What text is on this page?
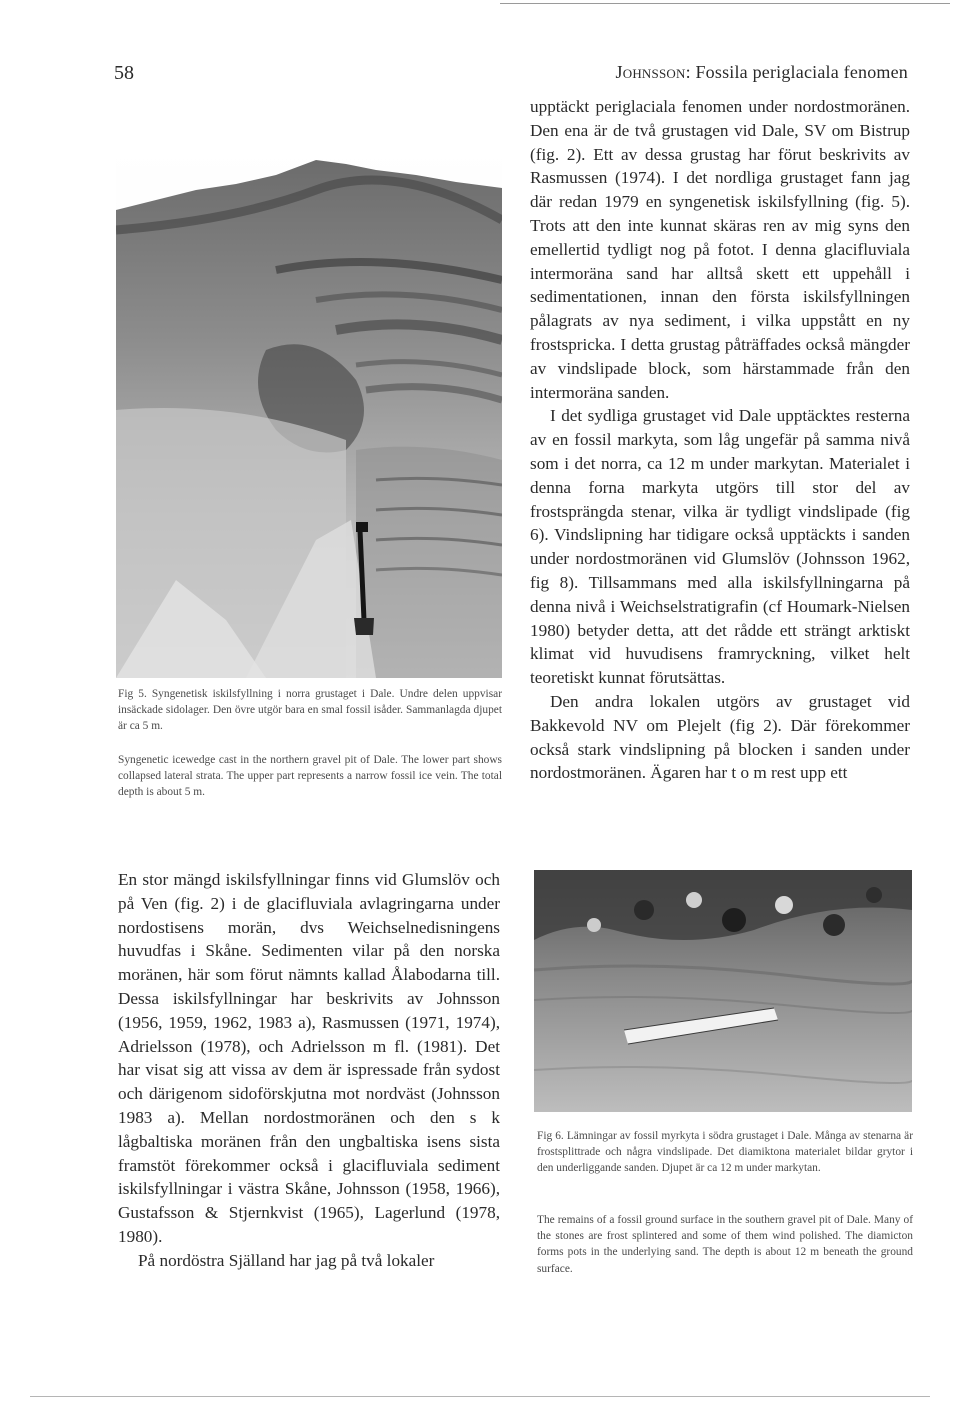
58	Johnsson: Fossila periglaciala fenomen

Fig 5. Syngenetisk iskilsfyllning i norra grustaget i Dale. Undre delen uppvisar insäckade sidolager. Den övre utgör bara en smal fossil isåder. Sammanlagda djupet är ca 5 m.

Syngenetic icewedge cast in the northern gravel pit of Dale. The lower part shows collapsed lateral strata. The upper part represents a narrow fossil ice vein. The total depth is about 5 m.

upptäckt periglaciala fenomen under nordostmoränen. Den ena är de två grustagen vid Dale, SV om Bistrup (fig. 2). Ett av dessa grustag har förut beskrivits av Rasmussen (1974). I det nordliga grustaget fann jag där redan 1979 en syngenetisk iskilsfyllning (fig. 5). Trots att den inte kunnat skäras ren av mig syns den emellertid tydligt nog på fotot. I denna glacifluviala intermoräna sand har alltså skett ett uppehåll i sedimentationen, innan den första iskilsfyllningen pålagrats av nya sediment, i vilka uppstått en ny frostspricka. I detta grustag påträffades också mängder av vindslipade block, som härstammade från den intermoräna sanden.

I det sydliga grustaget vid Dale upptäcktes resterna av en fossil markyta, som låg ungefär på samma nivå som i det norra, ca 12 m under markytan. Materialet i denna forna markyta utgörs till stor del av frostsprängda stenar, vilka är tydligt vindslipade (fig 6). Vindslipning har tidigare också upptäckts i sanden under nordostmoränen vid Glumslöv (Johnsson 1962, fig 8). Tillsammans med alla iskilsfyllningarna på denna nivå i Weichselstratigrafin (cf Houmark-Nielsen 1980) betyder detta, att det rådde ett strängt arktiskt klimat vid huvudisens framryckning, vilket helt teoretiskt kunnat förutsättas.

Den andra lokalen utgörs av grustaget vid Bakkevold NV om Plejelt (fig 2). Där förekommer också stark vindslipning på blocken i sanden under nordostmoränen. Ägaren har t o m rest upp ett

En stor mängd iskilsfyllningar finns vid Glumslöv och på Ven (fig. 2) i de glacifluviala avlagringarna under nordostisens morän, dvs Weichselnedisningens huvudfas i Skåne. Sedimenten vilar på den norska moränen, här som förut nämnts kallad Ålabodarna till. Dessa iskilsfyllningar har beskrivits av Johnsson (1956, 1959, 1962, 1983 a), Rasmussen (1971, 1974), Adrielsson (1978), och Adrielsson m fl. (1981). Det har visat sig att vissa av dem är ispressade från sydost och därigenom sidoförskjutna mot nordväst (Johnsson 1983 a). Mellan nordostmoränen och den s k lågbaltiska moränen från den ungbaltiska isens sista framstöt förekommer också i glacifluviala sediment iskilsfyllningar i västra Skåne, Johnsson (1958, 1966), Gustafsson & Stjernkvist (1965), Lagerlund (1978, 1980).

På nordöstra Själland har jag på två lokaler

Fig 6. Lämningar av fossil myrkyta i södra grustaget i Dale. Många av stenarna är frostsplittrade och några vindslipade. Det diamiktona materialet bildar grytor i den underliggande sanden. Djupet är ca 12 m under markytan.

The remains of a fossil ground surface in the southern gravel pit of Dale. Many of the stones are frost splintered and some of them wind polished. The diamicton forms pots in the underlying sand. The depth is about 12 m beneath the ground surface.
